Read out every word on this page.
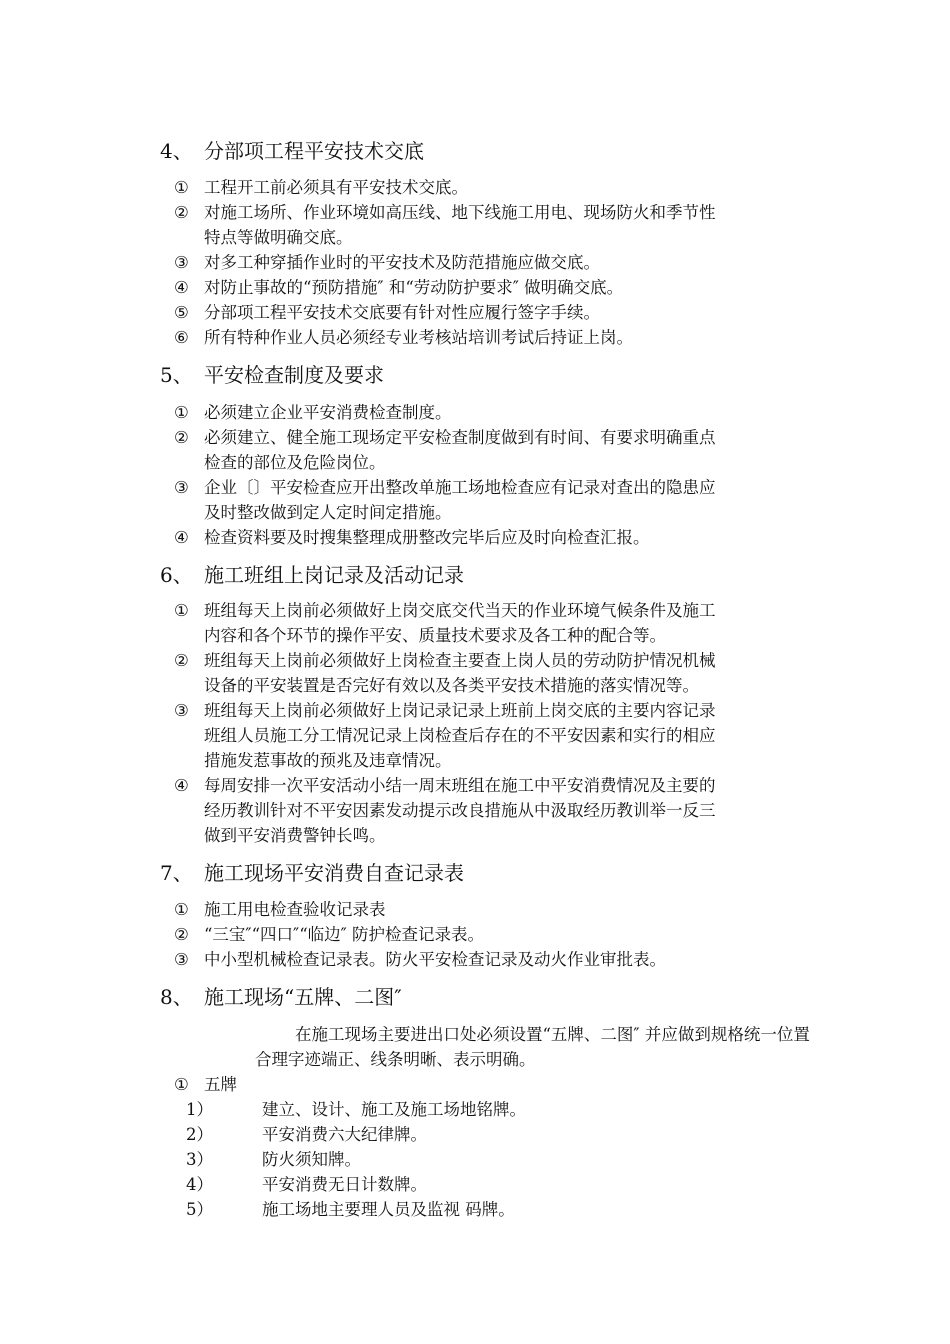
4、 分部项工程平安技术交底
① 工程开工前必须具有平安技术交底。
② 对施工场所、作业环境如高压线、地下线施工用电、现场防火和季节性
特点等做明确交底。
③ 对多工种穿插作业时的平安技术及防范措施应做交底。
④ 对防止事故的“预防措施″ 和“劳动防护要求″ 做明确交底。
⑤ 分部项工程平安技术交底要有针对性应履行签字手续。
⑥ 所有特种作业人员必须经专业考核站培训考试后持证上岗。
5、 平安检查制度及要求
① 必须建立企业平安消费检查制度。
② 必须建立、健全施工现场定平安检查制度做到有时间、有要求明确重点
检查的部位及危险岗位。
③ 企业〔〕平安检查应开出整改单施工场地检查应有记录对查出的隐患应
及时整改做到定人定时间定措施。
④ 检查资料要及时搜集整理成册整改完毕后应及时向检查汇报。
6、 施工班组上岗记录及活动记录
① 班组每天上岗前必须做好上岗交底交代当天的作业环境气候条件及施工
内容和各个环节的操作平安、质量技术要求及各工种的配合等。
② 班组每天上岗前必须做好上岗检查主要查上岗人员的劳动防护情况机械
设备的平安装置是否完好有效以及各类平安技术措施的落实情况等。
③ 班组每天上岗前必须做好上岗记录记录上班前上岗交底的主要内容记录
班组人员施工分工情况记录上岗检查后存在的不平安因素和实行的相应
措施发惹事故的预兆及违章情况。
④ 每周安排一次平安活动小结一周末班组在施工中平安消费情况及主要的
经历教训针对不平安因素发动提示改良措施从中汲取经历教训举一反三
做到平安消费警钟长鸣。
7、 施工现场平安消费自查记录表
① 施工用电检查验收记录表
② “三宝″“四口″“临边″ 防护检查记录表。
③ 中小型机械检查记录表。防火平安检查记录及动火作业审批表。
8、 施工现场“五牌、二图″
在施工现场主要进出口处必须设置“五牌、二图″ 并应做到规格统一位置合理字迹端正、线条明晰、表示明确。
① 五牌
1）	建立、设计、施工及施工场地铭牌。
2）	平安消费六大纪律牌。
3）	防火须知牌。
4）	平安消费无日计数牌。
5）	施工场地主要理人员及监视 码牌。
